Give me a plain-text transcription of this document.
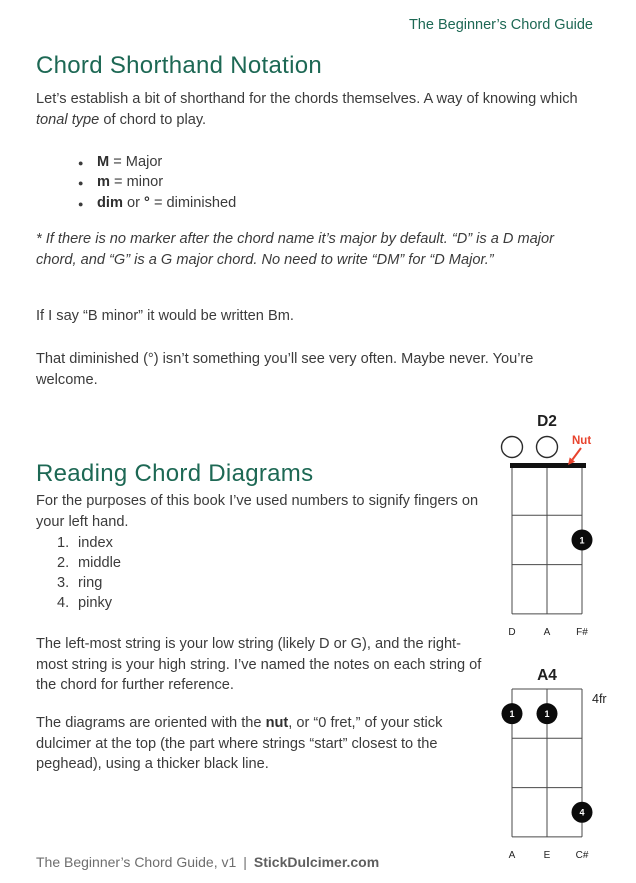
The Beginner’s Chord Guide
Chord Shorthand Notation

Let’s establish a bit of shorthand for the chords themselves. A way of knowing which tonal type of chord to play.

● M = Major
● m = minor
● dim or ° = diminished

* If there is no marker after the chord name it’s major by default. “D” is a D major chord, and “G” is a G major chord. No need to write “DM” for “D Major.”

If I say “B minor” it would be written Bm.

That diminished (°) isn’t something you’ll see very often. Maybe never. You’re welcome.

Reading Chord Diagrams

For the purposes of this book I’ve used numbers to signify fingers on your left hand.

1. index
2. middle
3. ring
4. pinky

The left-most string is your low string (likely D or G), and the right-most string is your high string. I’ve named the notes on each string of the chord for further reference.

The diagrams are oriented with the nut, or “0 fret,” of your stick dulcimer at the top (the part where strings “start” closest to the peghead), using a thicker black line.

D2
Nut
1
D	A	F#
A4
4fr
1	1
4
A	E	C#
The Beginner’s Chord Guide, v1 | StickDulcimer.com
